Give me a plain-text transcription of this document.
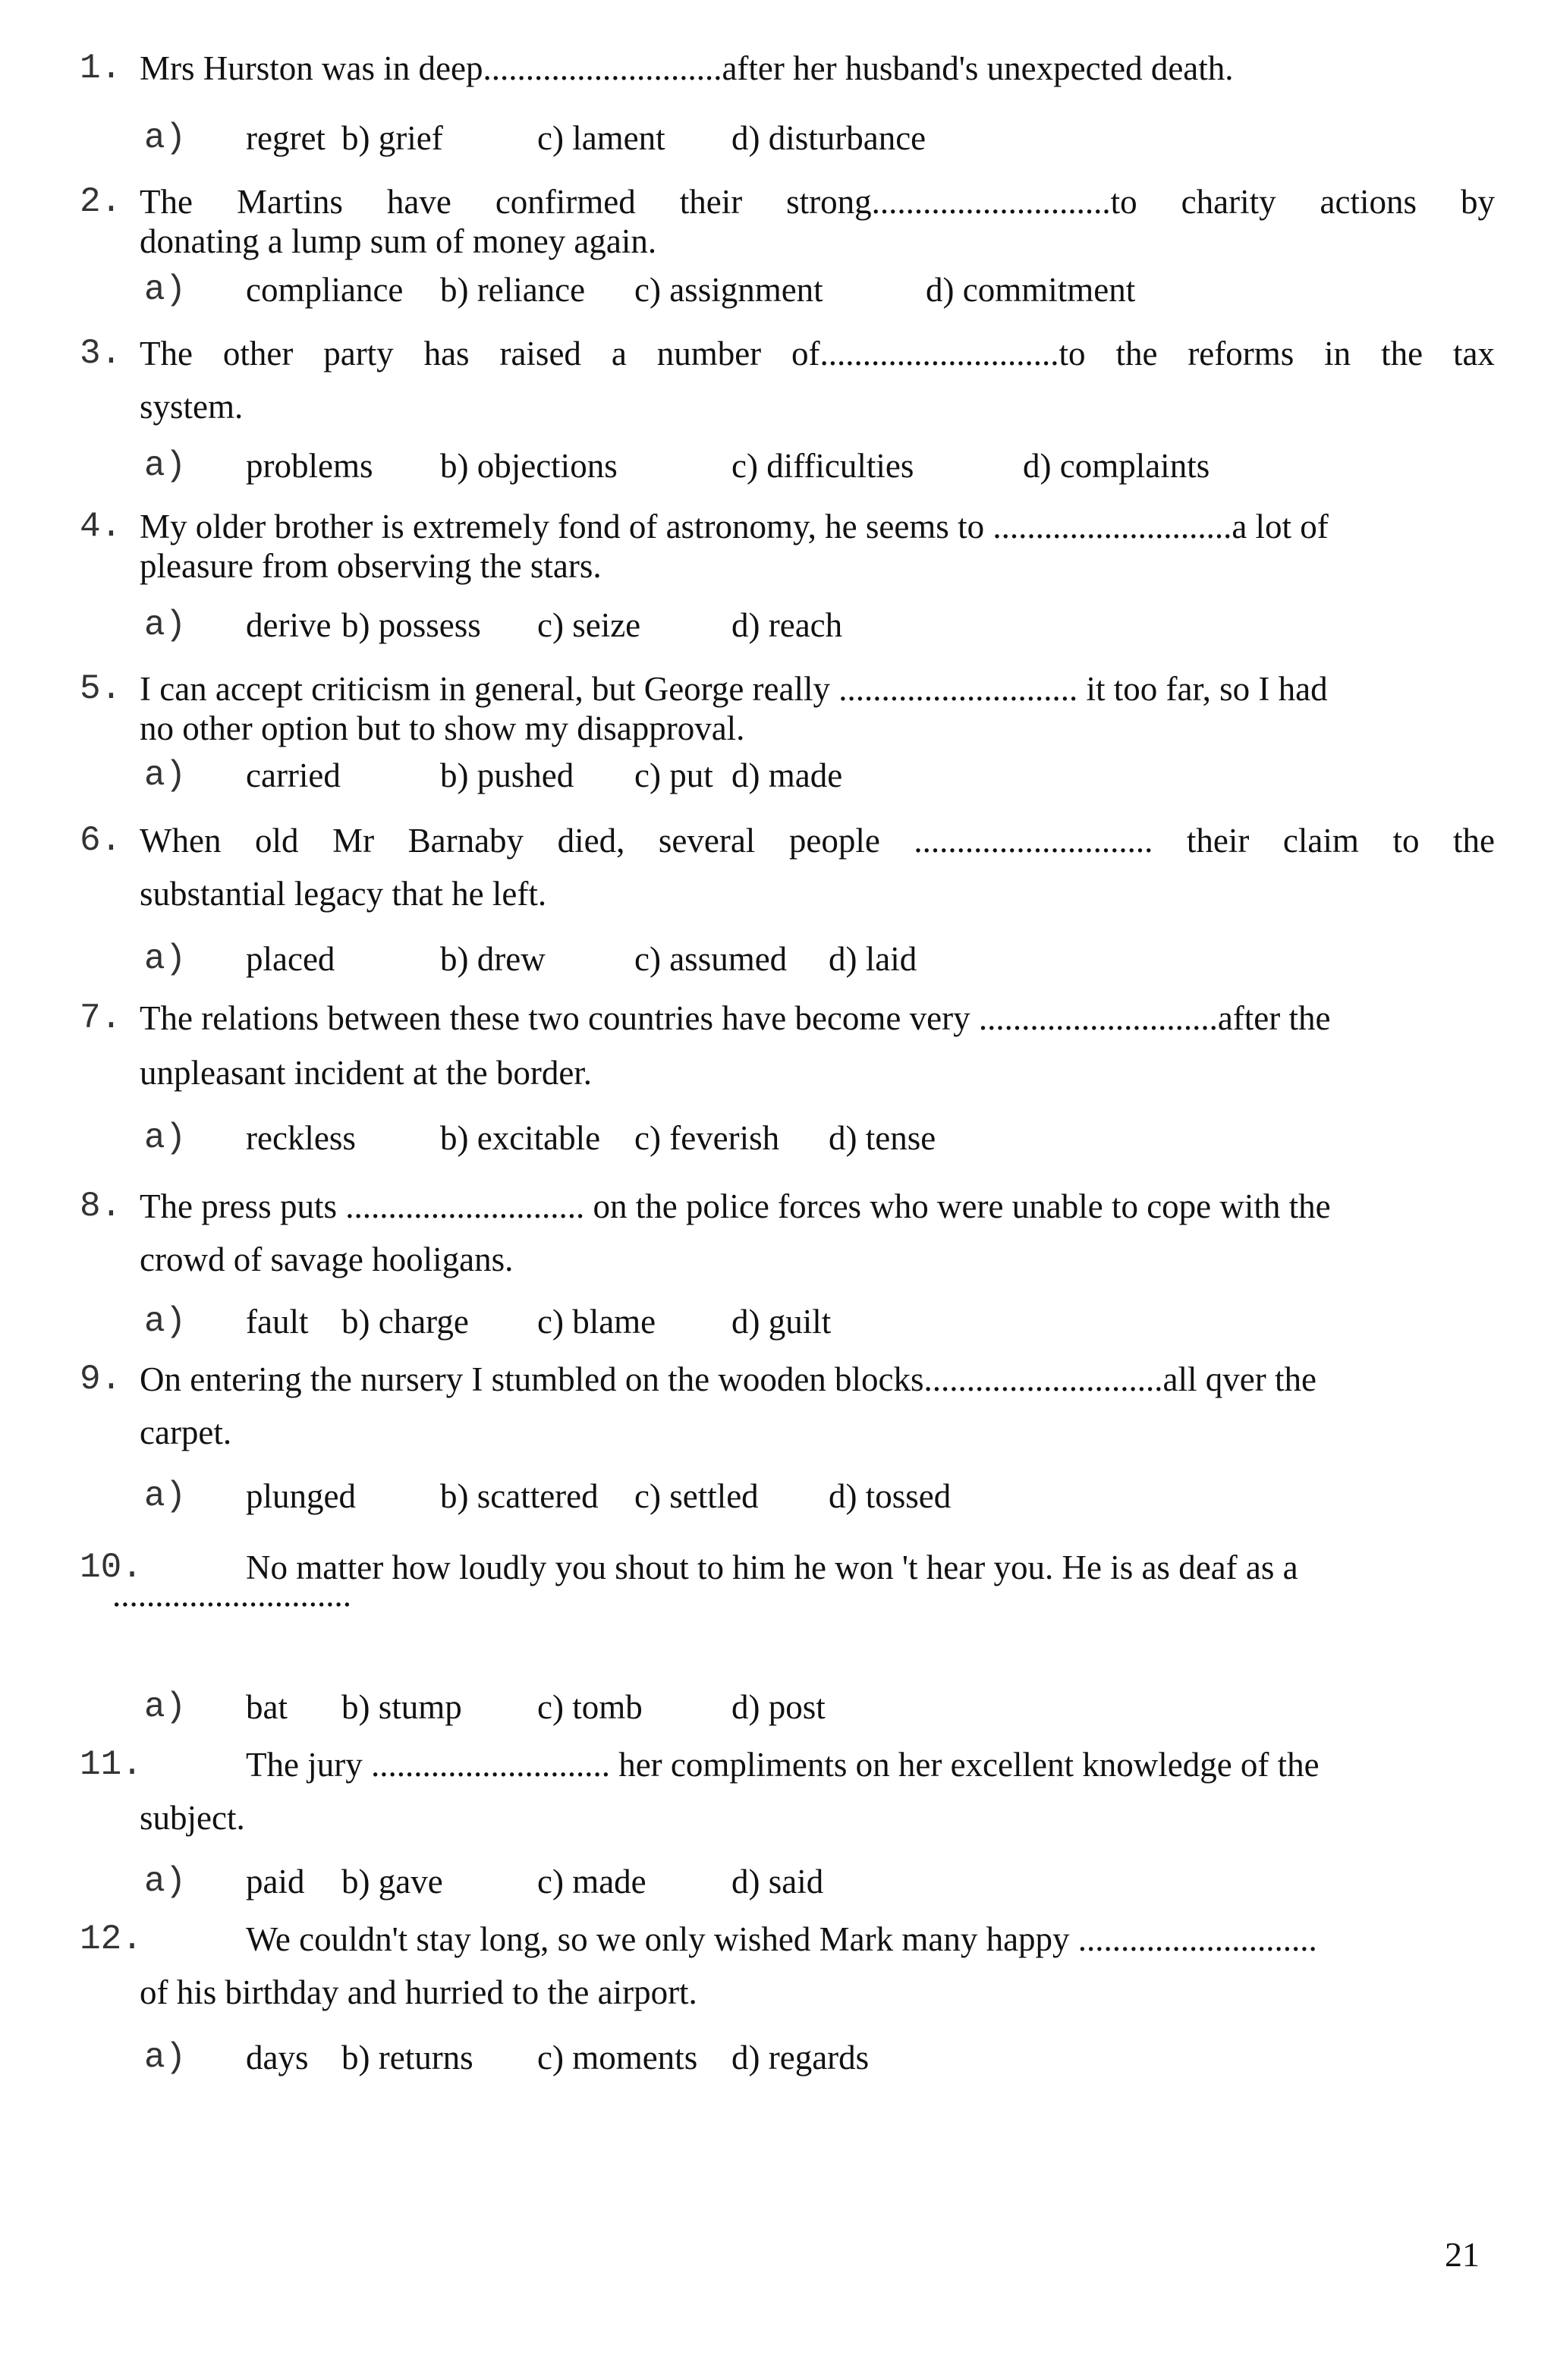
1. Mrs Hurston was in deep............................after her husband's unexpected death.
a) regret b) grief	c) lament d) disturbance
2. The Martins have confirmed their strong............................to charity actions by
donating a lump sum of money again.
a) compliance b) reliance c) assignment	d) commitment
3. The other party has raised a number of............................to the reforms in the tax
system.
a) problems b) objections	c) difficulties	d) complaints
4. My older brother is extremely fond of astronomy, he seems to ............................a lot of
pleasure from observing the stars.
a) derive b) possess c) seize	d) reach
5. I can accept criticism in general, but George really ............................ it too far, so I had
no other option but to show my disapproval.
a) carried	b) pushed c) put d) made
6. When old Mr Barnaby died, several people ............................ their claim to the
substantial legacy that he left.
a) placed	b) drew	c) assumed d) laid
7. The relations between these two countries have become very ............................after the
unpleasant incident at the border.
a) reckless b) excitable c) feverish d) tense
8. The press puts ............................ on the police forces who were unable to cope with the
crowd of savage hooligans.
a) fault b) charge c) blame d) guilt
9. On entering the nursery I stumbled on the wooden blocks............................all qver the
carpet.
a) plunged b) scattered c) settled d) tossed
10.	No matter how loudly you shout to him he won 't hear you. He is as deaf as a
............................
a) bat b) stump c) tomb	d) post
11.	The jury ............................ her compliments on her excellent knowledge of the
subject.
a) paid b) gave	c) made d) said
12.	We couldn't stay long, so we only wished Mark many happy ............................
of his birthday and hurried to the airport.
a) days b) returns c) moments d) regards
21
